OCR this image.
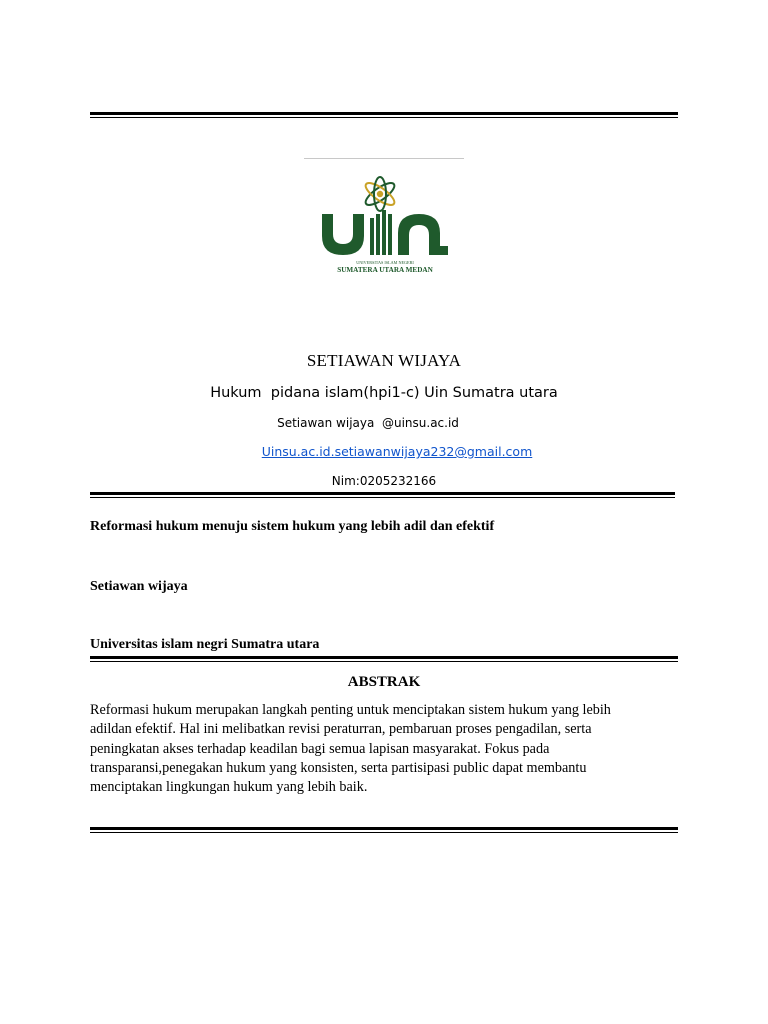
UNIVERSITAS ISLAM NEGERI
SUMATERA UTARA MEDAN
SETIAWAN WIJAYA
Hukum  pidana islam(hpi1-c) Uin Sumatra utara
Setiawan wijaya  @uinsu.ac.id
Uinsu.ac.id.setiawanwijaya232@gmail.com
Nim:0205232166
Reformasi hukum menuju sistem hukum yang lebih adil dan efektif
Setiawan wijaya
Universitas islam negri Sumatra utara
ABSTRAK
Reformasi hukum merupakan langkah penting untuk menciptakan sistem hukum yang lebih
adildan efektif. Hal ini melibatkan revisi peraturran, pembaruan proses pengadilan, serta
peningkatan akses terhadap keadilan bagi semua lapisan masyarakat. Fokus pada
transparansi,penegakan hukum yang konsisten, serta partisipasi public dapat membantu
menciptakan lingkungan hukum yang lebih baik.
